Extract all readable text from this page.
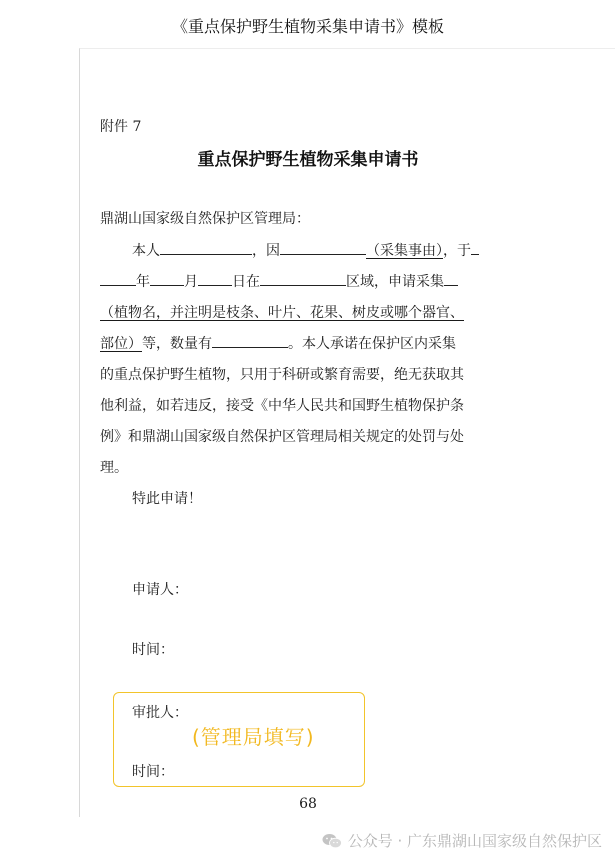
《重点保护野生植物采集申请书》模板
附件 7
重点保护野生植物采集申请书
鼎湖山国家级自然保护区管理局：
本人	，因	（采集事由），于
年 月 日在	区域，申请采集
（植物名，并注明是枝条、叶片、花果、树皮或哪个器官、
部位）等，数量有	。本人承诺在保护区内采集
的重点保护野生植物，只用于科研或繁育需要，绝无获取其
他利益，如若违反，接受《中华人民共和国野生植物保护条
例》和鼎湖山国家级自然保护区管理局相关规定的处罚与处
理。
特此申请！
申请人：
时间：
审批人：
(管理局填写)
时间：
68
公众号 · 广东鼎湖山国家级自然保护区
